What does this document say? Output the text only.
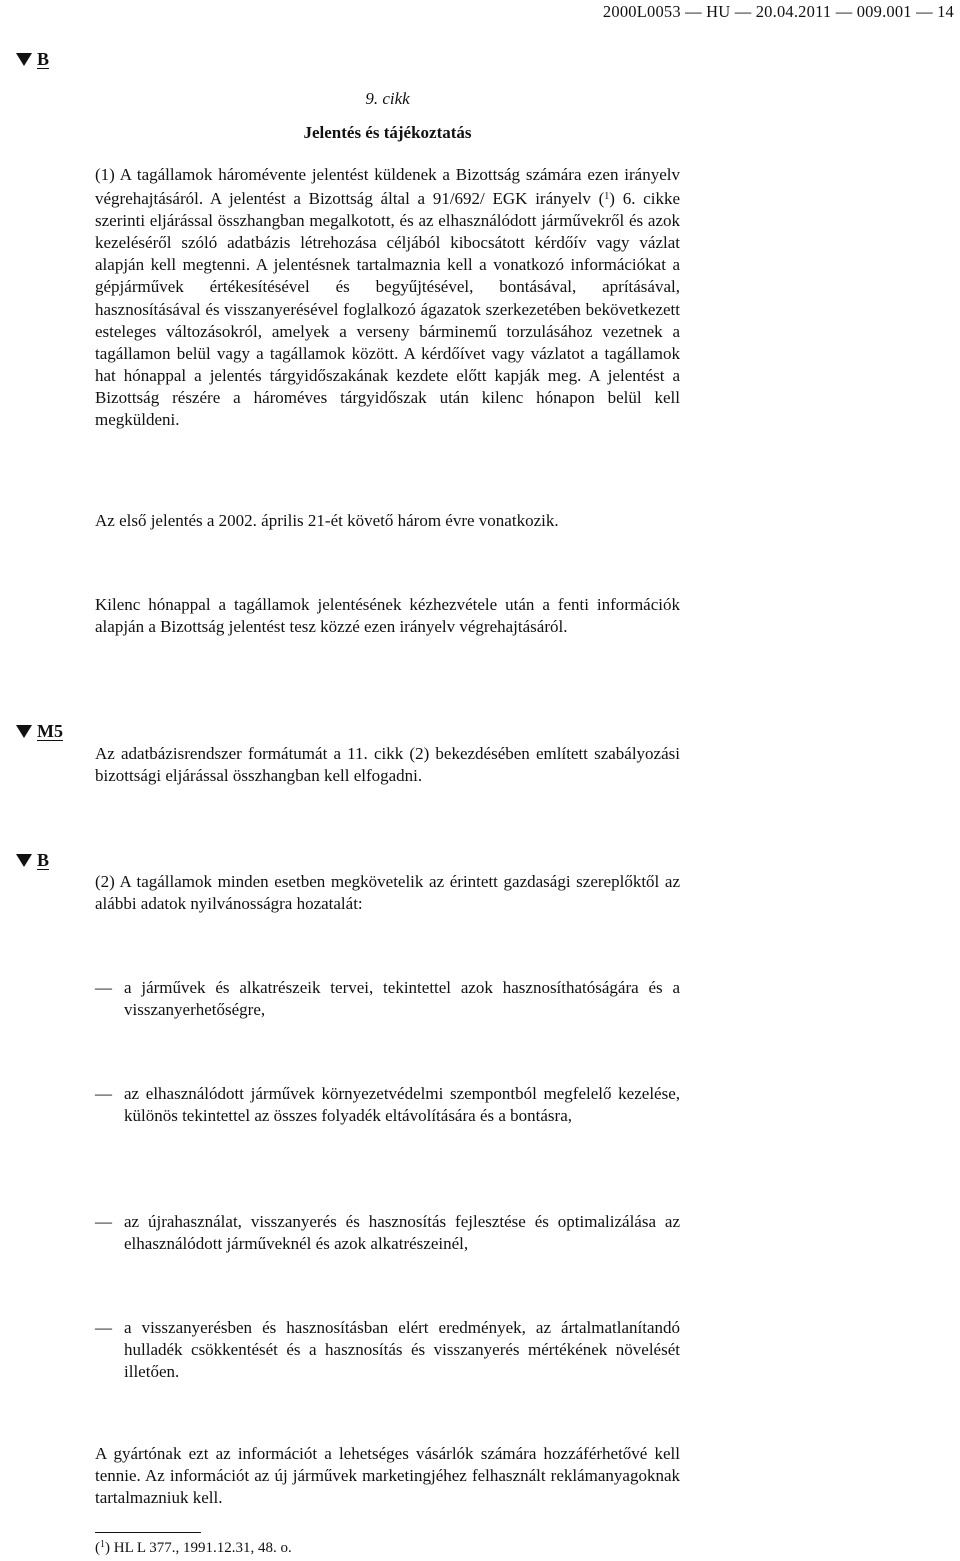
2000L0053 — HU — 20.04.2011 — 009.001 — 14
B
9. cikk
Jelentés és tájékoztatás
(1) A tagállamok háromévente jelentést küldenek a Bizottság számára ezen irányelv végrehajtásáról. A jelentést a Bizottság által a 91/692/ EGK irányelv ($^1$) 6. cikke szerinti eljárással összhangban megalkotott, és az elhasználódott járművekről és azok kezeléséről szóló adatbázis létrehozása céljából kibocsátott kérdőív vagy vázlat alapján kell megtenni. A jelentésnek tartalmaznia kell a vonatkozó információkat a gépjárművek értékesítésével és begyűjtésével, bontásával, aprításával, hasznosításával és visszanyerésével foglalkozó ágazatok szerkezetében bekövetkezett esteleges változásokról, amelyek a verseny bárminemű torzulásához vezetnek a tagállamon belül vagy a tagállamok között. A kérdőívet vagy vázlatot a tagállamok hat hónappal a jelentés tárgyidőszakának kezdete előtt kapják meg. A jelentést a Bizottság részére a hároméves tárgyidőszak után kilenc hónapon belül kell megküldeni.
Az első jelentés a 2002. április 21-ét követő három évre vonatkozik.
Kilenc hónappal a tagállamok jelentésének kézhezvétele után a fenti információk alapján a Bizottság jelentést tesz közzé ezen irányelv végrehajtásáról.
M5
Az adatbázisrendszer formátumát a 11. cikk (2) bekezdésében említett szabályozási bizottsági eljárással összhangban kell elfogadni.
B
(2) A tagállamok minden esetben megkövetelik az érintett gazdasági szereplőktől az alábbi adatok nyilvánosságra hozatalát:
— a járművek és alkatrészeik tervei, tekintettel azok hasznosíthatóságára és a visszanyerhetőségre,
— az elhasználódott járművek környezetvédelmi szempontból megfelelő kezelése, különös tekintettel az összes folyadék eltávolítására és a bontásra,
— az újrahasználat, visszanyerés és hasznosítás fejlesztése és optimalizálása az elhasználódott járműveknél és azok alkatrészeinél,
— a visszanyerésben és hasznosításban elért eredmények, az ártalmatlanítandó hulladék csökkentését és a hasznosítás és visszanyerés mértékének növelését illetően.
A gyártónak ezt az információt a lehetséges vásárlók számára hozzáférhetővé kell tennie. Az információt az új járművek marketingjéhez felhasznált reklámanyagoknak tartalmazniuk kell.
($^1$) HL L 377., 1991.12.31, 48. o.
